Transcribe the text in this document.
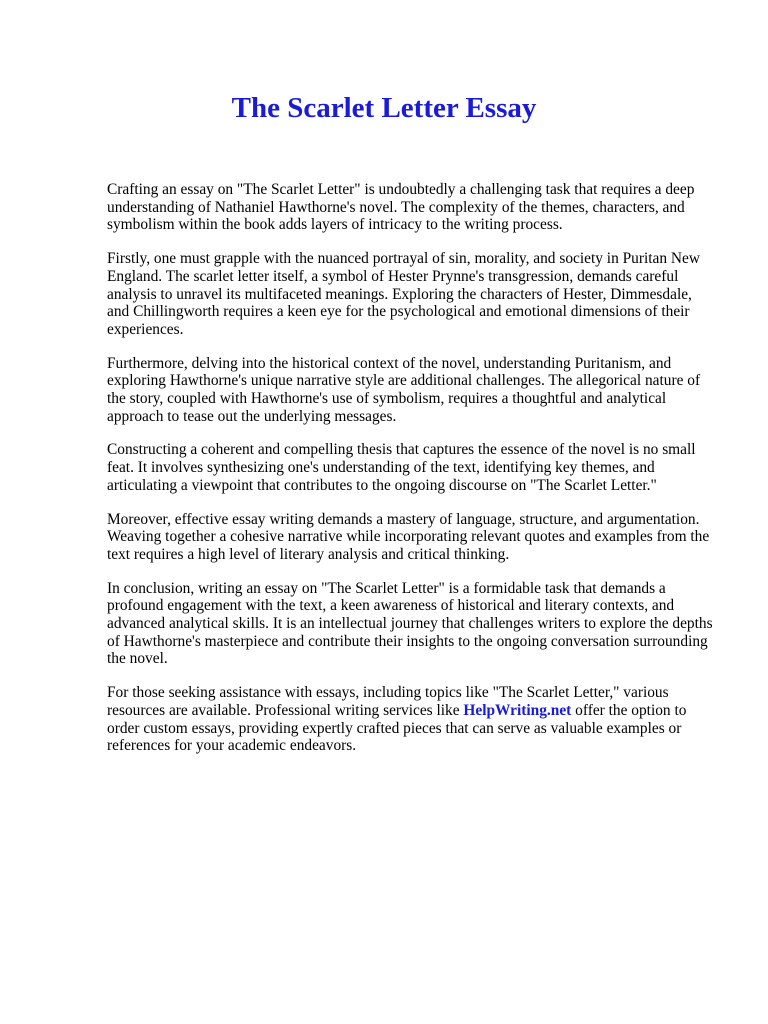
The Scarlet Letter Essay

Crafting an essay on "The Scarlet Letter" is undoubtedly a challenging task that requires a deep understanding of Nathaniel Hawthorne's novel. The complexity of the themes, characters, and symbolism within the book adds layers of intricacy to the writing process.

Firstly, one must grapple with the nuanced portrayal of sin, morality, and society in Puritan New England. The scarlet letter itself, a symbol of Hester Prynne's transgression, demands careful analysis to unravel its multifaceted meanings. Exploring the characters of Hester, Dimmesdale, and Chillingworth requires a keen eye for the psychological and emotional dimensions of their experiences.

Furthermore, delving into the historical context of the novel, understanding Puritanism, and exploring Hawthorne's unique narrative style are additional challenges. The allegorical nature of the story, coupled with Hawthorne's use of symbolism, requires a thoughtful and analytical approach to tease out the underlying messages.

Constructing a coherent and compelling thesis that captures the essence of the novel is no small feat. It involves synthesizing one's understanding of the text, identifying key themes, and articulating a viewpoint that contributes to the ongoing discourse on "The Scarlet Letter."

Moreover, effective essay writing demands a mastery of language, structure, and argumentation. Weaving together a cohesive narrative while incorporating relevant quotes and examples from the text requires a high level of literary analysis and critical thinking.

In conclusion, writing an essay on "The Scarlet Letter" is a formidable task that demands a profound engagement with the text, a keen awareness of historical and literary contexts, and advanced analytical skills. It is an intellectual journey that challenges writers to explore the depths of Hawthorne's masterpiece and contribute their insights to the ongoing conversation surrounding the novel.

For those seeking assistance with essays, including topics like "The Scarlet Letter," various resources are available. Professional writing services like HelpWriting.net offer the option to order custom essays, providing expertly crafted pieces that can serve as valuable examples or references for your academic endeavors.
